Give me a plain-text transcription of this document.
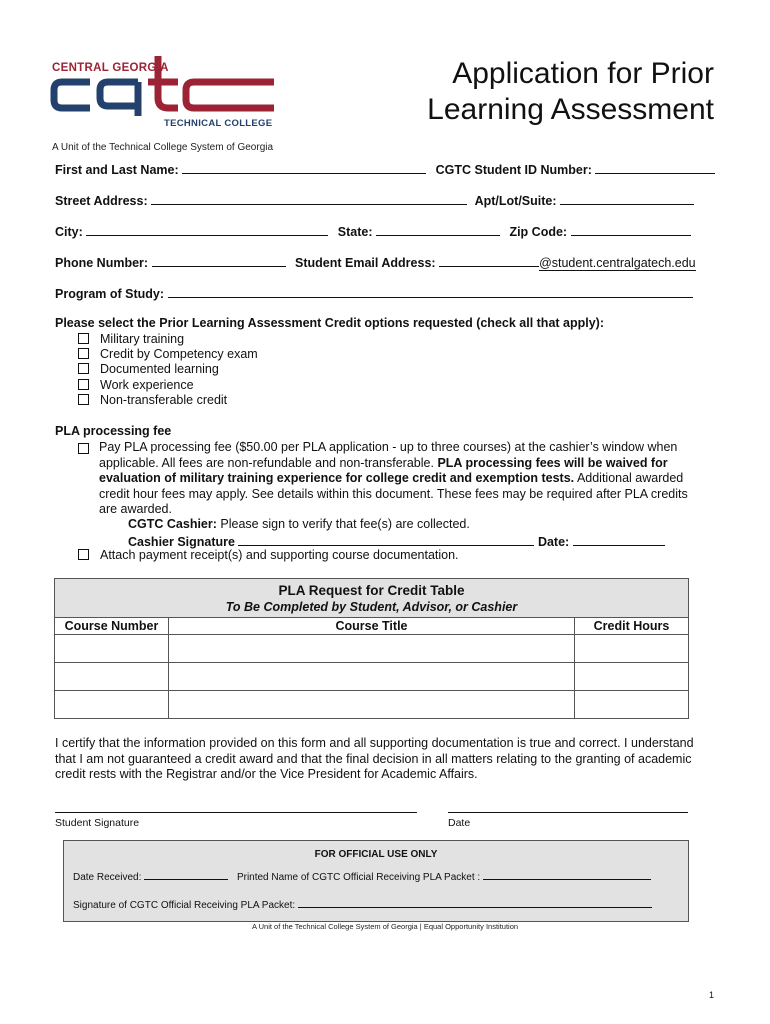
CENTRAL GEORGIA
TECHNICAL COLLEGE
A Unit of the Technical College System of Georgia
Application for Prior
Learning Assessment
First and Last Name:	CGTC Student ID Number:
Street Address:	Apt/Lot/Suite:
City:	State:	Zip Code:
Phone Number:	Student Email Address:	@student.centralgatech.edu
Program of Study:
Please select the Prior Learning Assessment Credit options requested (check all that apply):
Military training
Credit by Competency exam
Documented learning
Work experience
Non-transferable credit
PLA processing fee
Pay PLA processing fee ($50.00 per PLA application - up to three courses) at the cashier’s window when applicable. All fees are non-refundable and non-transferable. PLA processing fees will be waived for evaluation of military training experience for college credit and exemption tests. Additional awarded credit hour fees may apply. See details within this document. These fees may be required after PLA credits are awarded.
CGTC Cashier: Please sign to verify that fee(s) are collected.
Cashier Signature	Date:
Attach payment receipt(s) and supporting course documentation.
PLA Request for Credit Table
To Be Completed by Student, Advisor, or Cashier		

Course Number	Course Title	Credit Hours

I certify that the information provided on this form and all supporting documentation is true and correct. I understand that I am not guaranteed a credit award and that the final decision in all matters relating to the granting of academic credit rests with the Registrar and/or the Vice President for Academic Affairs.
Student Signature	Date
FOR OFFICIAL USE ONLY
Date Received:	Printed Name of CGTC Official Receiving PLA Packet :
Signature of CGTC Official Receiving PLA Packet:
A Unit of the Technical College System of Georgia | Equal Opportunity Institution
1
